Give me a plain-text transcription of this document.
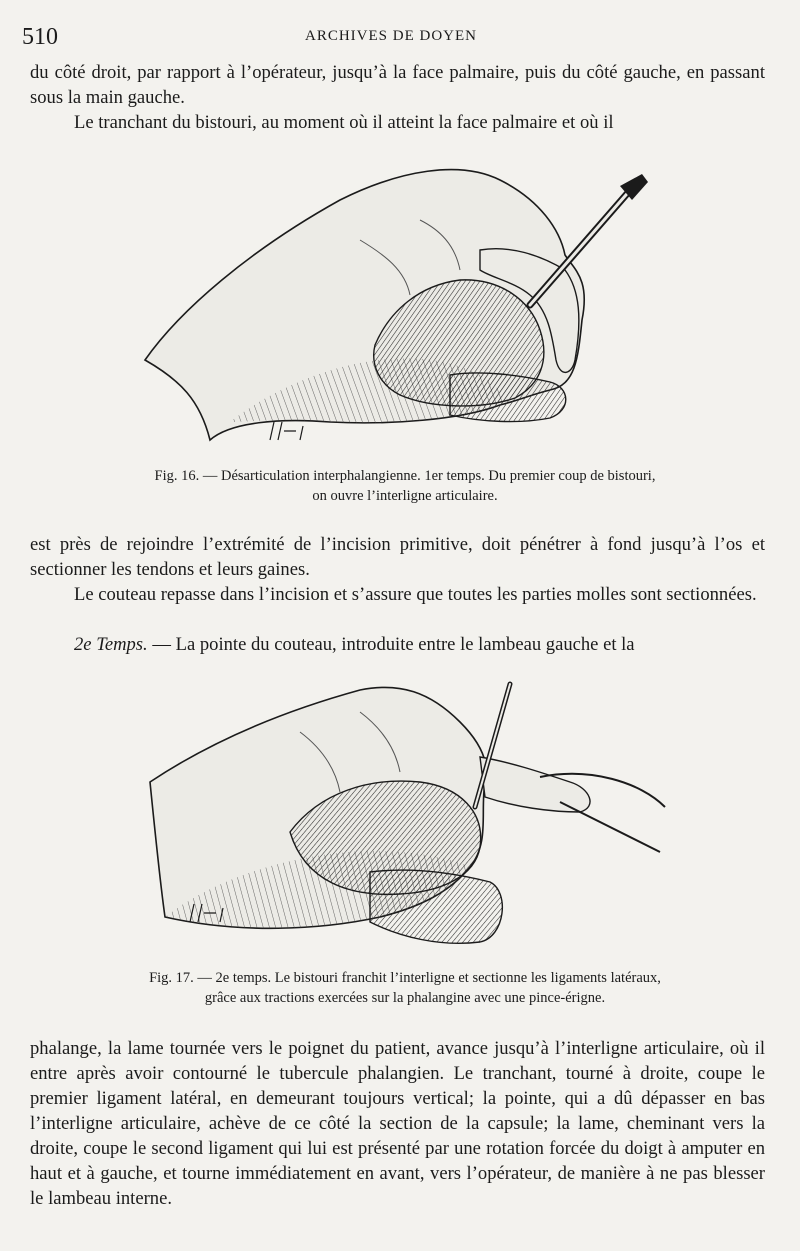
510	ARCHIVES DE DOYEN

du côté droit, par rapport à l’opérateur, jusqu’à la face palmaire, puis du côté gauche, en passant sous la main gauche.

Le tranchant du bistouri, au moment où il atteint la face palmaire et où il

Fig. 16. — Désarticulation interphalangienne. 1er temps. Du premier coup de bistouri,
on ouvre l’interligne articulaire.

est près de rejoindre l’extrémité de l’incision primitive, doit pénétrer à fond jusqu’à l’os et sectionner les tendons et leurs gaines.

Le couteau repasse dans l’incision et s’assure que toutes les parties molles sont sectionnées.

2e Temps. — La pointe du couteau, introduite entre le lambeau gauche et la

Fig. 17. — 2e temps. Le bistouri franchit l’interligne et sectionne les ligaments latéraux,
grâce aux tractions exercées sur la phalangine avec une pince-érigne.

phalange, la lame tournée vers le poignet du patient, avance jusqu’à l’interligne articulaire, où il entre après avoir contourné le tubercule phalangien. Le tranchant, tourné à droite, coupe le premier ligament latéral, en demeurant toujours vertical; la pointe, qui a dû dépasser en bas l’interligne articulaire, achève de ce côté la section de la capsule; la lame, cheminant vers la droite, coupe le second ligament qui lui est présenté par une rotation forcée du doigt à amputer en haut et à gauche, et tourne immédiatement en avant, vers l’opérateur, de manière à ne pas blesser le lambeau interne.
